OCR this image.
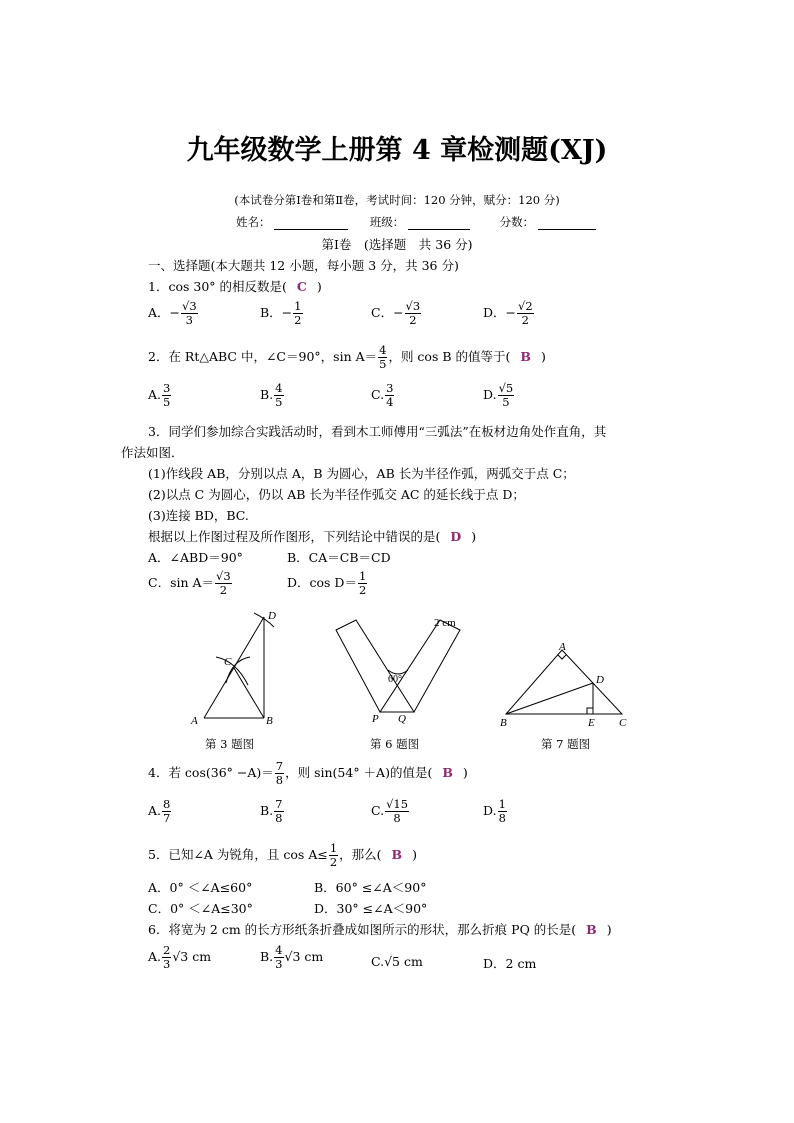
九年级数学上册第 4 章检测题(XJ)
(本试卷分第Ⅰ卷和第Ⅱ卷，考试时间：120 分钟，赋分：120 分)
姓名：	班级：	分数：
第Ⅰ卷　(选择题　共 36 分)
一、选择题(本大题共 12 小题，每小题 3 分，共 36 分)
1．cos 30° 的相反数是( C )
A．− $\frac{√3}{3}$	B．− $\frac{1}{2}$	C．− $\frac{√3}{2}$	D．− $\frac{√2}{2}$
2．在 Rt△ABC 中，∠C＝90°，$\sin A= \frac{4}{5}$ ，则 cos B 的值等于( B )
A. $\frac{3}{5}$	B. $\frac{4}{5}$	C. $\frac{3}{4}$	D. $\frac{√5}{5}$
3．同学们参加综合实践活动时，看到木工师傅用“三弧法”在板材边角处作直角，其
作法如图．
(1)作线段 AB，分别以点 A，B 为圆心，AB 长为半径作弧，两弧交于点 C；
(2)以点 C 为圆心，仍以 AB 长为半径作弧交 AC 的延长线于点 D；
(3)连接 BD，BC.
根据以上作图过程及所作图形，下列结论中错误的是( D )
A．∠ABD＝90°	B．CA＝CB＝CD
C．$\sin A= \frac{√3}{2}$	D．$\cos D= \frac{1}{2}$
D
C
A	B
2 cm
60°
P Q
A
D
B	E C
第 3 题图	第 6 题图	第 7 题图
4．若 $\cos(36^\circ -A)= \frac{7}{8}$ ，则 sin(54° ＋A)的值是( B )
A. $\frac{8}{7}$	B. $\frac{7}{8}$	C. $\frac{√15}{8}$	D. $\frac{1}{8}$
5．已知∠A 为锐角，且 $\cos A\le \frac{1}{2}$ ，那么( B )
A．0° ＜∠A≤60°	B．60° ≤∠A＜90°
C．0° ＜∠A≤30°	D．30° ≤∠A＜90°
6．将宽为 2 cm 的长方形纸条折叠成如图所示的形状，那么折痕 PQ 的长是( B )
A. $\frac{2}{3} √3$ cm	B. $\frac{4}{3} √3$ cm	C.√5 cm	D．2 cm
